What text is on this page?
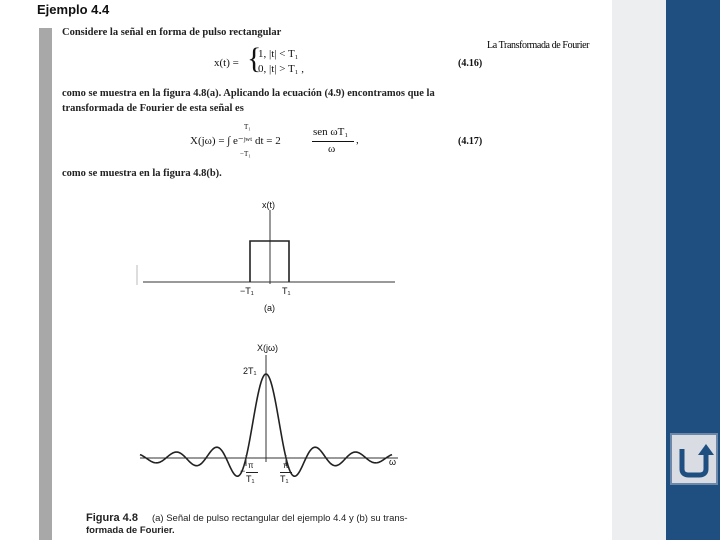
La Transformada de Fourier
Ejemplo 4.4
Considere la señal en forma de pulso rectangular
x(t) = {
1, |t| < T₁
0, |t| > T₁ ,	(4.16)
como se muestra en la figura 4.8(a). Aplicando la ecuación (4.9) encontramos que la
transformada de Fourier de esta señal es
X(jω) = ∫ e⁻ʲʷᵗ dt = 2
T₁
−T₁
sen ωT₁
ω
,	(4.17)
como se muestra en la figura 4.8(b).
x(t)
−T₁	T₁
(a)
X(jω)
2T₁
ω
−
π
T₁
π
T₁
Figura 4.8 (a) Señal de pulso rectangular del ejemplo 4.4 y (b) su trans-
formada de Fourier.
